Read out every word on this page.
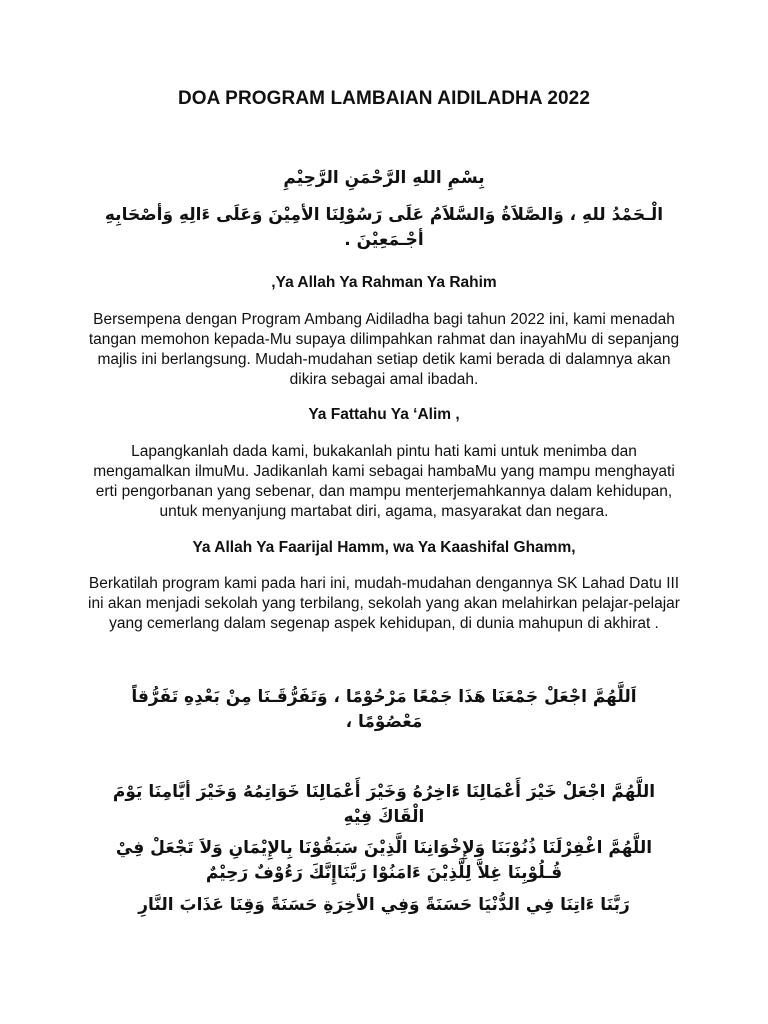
DOA PROGRAM LAMBAIAN AIDILADHA 2022
بِسْمِ اللهِ الرَّحْمَنِ الرَّحِيْمِ
الْـحَمْدُ للهِ ، وَالصَّلاَةُ وَالسَّلاَمُ عَلَى رَسُوْلِنَا الأمِيْنَ وَعَلَى ءَالِهِ وَأصْحَابِهِ أجْـمَعِيْنَ .
,Ya Allah Ya Rahman Ya Rahim
Bersempena dengan Program Ambang Aidiladha bagi tahun 2022 ini, kami menadah tangan memohon kepada-Mu supaya dilimpahkan rahmat dan inayahMu di sepanjang majlis ini berlangsung. Mudah-mudahan setiap detik kami berada di dalamnya akan dikira sebagai amal ibadah.
Ya Fattahu Ya ‘Alim ,
Lapangkanlah dada kami, bukakanlah pintu hati kami untuk menimba dan mengamalkan ilmuMu. Jadikanlah kami sebagai hambaMu yang mampu menghayati erti pengorbanan yang sebenar, dan mampu menterjemahkannya dalam kehidupan, untuk menyanjung martabat diri, agama, masyarakat dan negara.
Ya Allah Ya Faarijal Hamm, wa Ya Kaashifal Ghamm,
Berkatilah program kami pada hari ini, mudah-mudahan dengannya SK Lahad Datu III ini akan menjadi sekolah yang terbilang, sekolah yang akan melahirkan pelajar-pelajar yang cemerlang dalam segenap aspek kehidupan, di dunia mahupun di akhirat .
اَللَّهُمَّ اجْعَلْ جَمْعَنَا هَذَا جَمْعًا مَرْحُوْمًا ، وَتَفَرُّقَـنَا مِنْ بَعْدِهِ تَفَرُّقاً مَعْصُوْمًا ،
اللَّهُمَّ اجْعَلْ خَيْرَ أَعْمَالِنَا ءَاخِرُهُ وَخَيْرَ أَعْمَالِنَا خَوَاتِمُهُ وَخَيْرَ أيَّامِنَا يَوْمَ الْقَاكَ فِيْهِ
اللَّهُمَّ اغْفِرْلَنَا ذُنُوْبَنَا وَلإِخْوَانِنَا الَّذِيْنَ سَبَقُوْنَا بِالإِيْمَانِ وَلاَ تَجْعَلْ فِيْ قُـلُوْبِنَا غِلاَّ لِلَّذِيْنَ ءَامَنُوْا رَبَّنَاإِنَّكَ رَءُوْفٌ رَحِيْمٌ
رَبَّنَا ءَاتِنَا فِي الدُّنْيَا حَسَنَةً وَفِي الأخِرَةِ حَسَنَةً وَقِنَا عَذَابَ النَّارِ
